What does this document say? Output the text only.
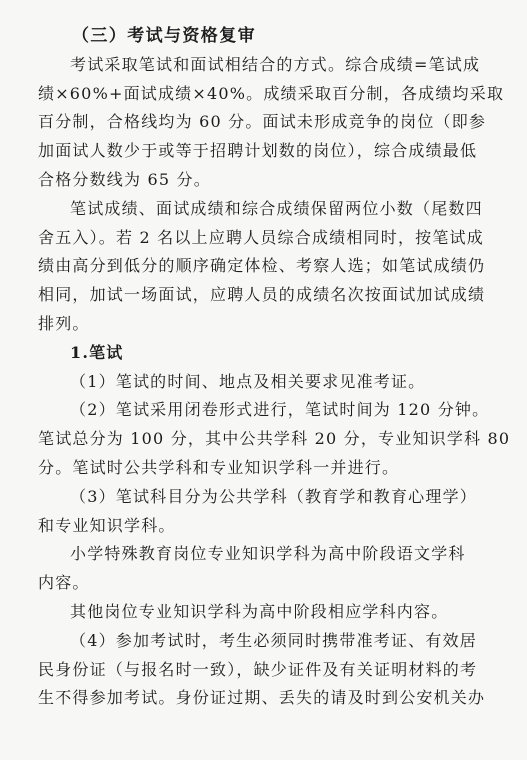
（三）考试与资格复审

考试采取笔试和面试相结合的方式。综合成绩=笔试成
绩×60%+面试成绩×40%。成绩采取百分制，各成绩均采取
百分制，合格线均为 60 分。面试未形成竞争的岗位（即参
加面试人数少于或等于招聘计划数的岗位），综合成绩最低
合格分数线为 65 分。

笔试成绩、面试成绩和综合成绩保留两位小数（尾数四
舍五入）。若 2 名以上应聘人员综合成绩相同时，按笔试成
绩由高分到低分的顺序确定体检、考察人选；如笔试成绩仍
相同，加试一场面试，应聘人员的成绩名次按面试加试成绩
排列。

1.笔试

（1）笔试的时间、地点及相关要求见准考证。

（2）笔试采用闭卷形式进行，笔试时间为 120 分钟。
笔试总分为 100 分，其中公共学科 20 分，专业知识学科 80
分。笔试时公共学科和专业知识学科一并进行。

（3）笔试科目分为公共学科（教育学和教育心理学）
和专业知识学科。

小学特殊教育岗位专业知识学科为高中阶段语文学科
内容。

其他岗位专业知识学科为高中阶段相应学科内容。

（4）参加考试时，考生必须同时携带准考证、有效居
民身份证（与报名时一致），缺少证件及有关证明材料的考
生不得参加考试。身份证过期、丢失的请及时到公安机关办
